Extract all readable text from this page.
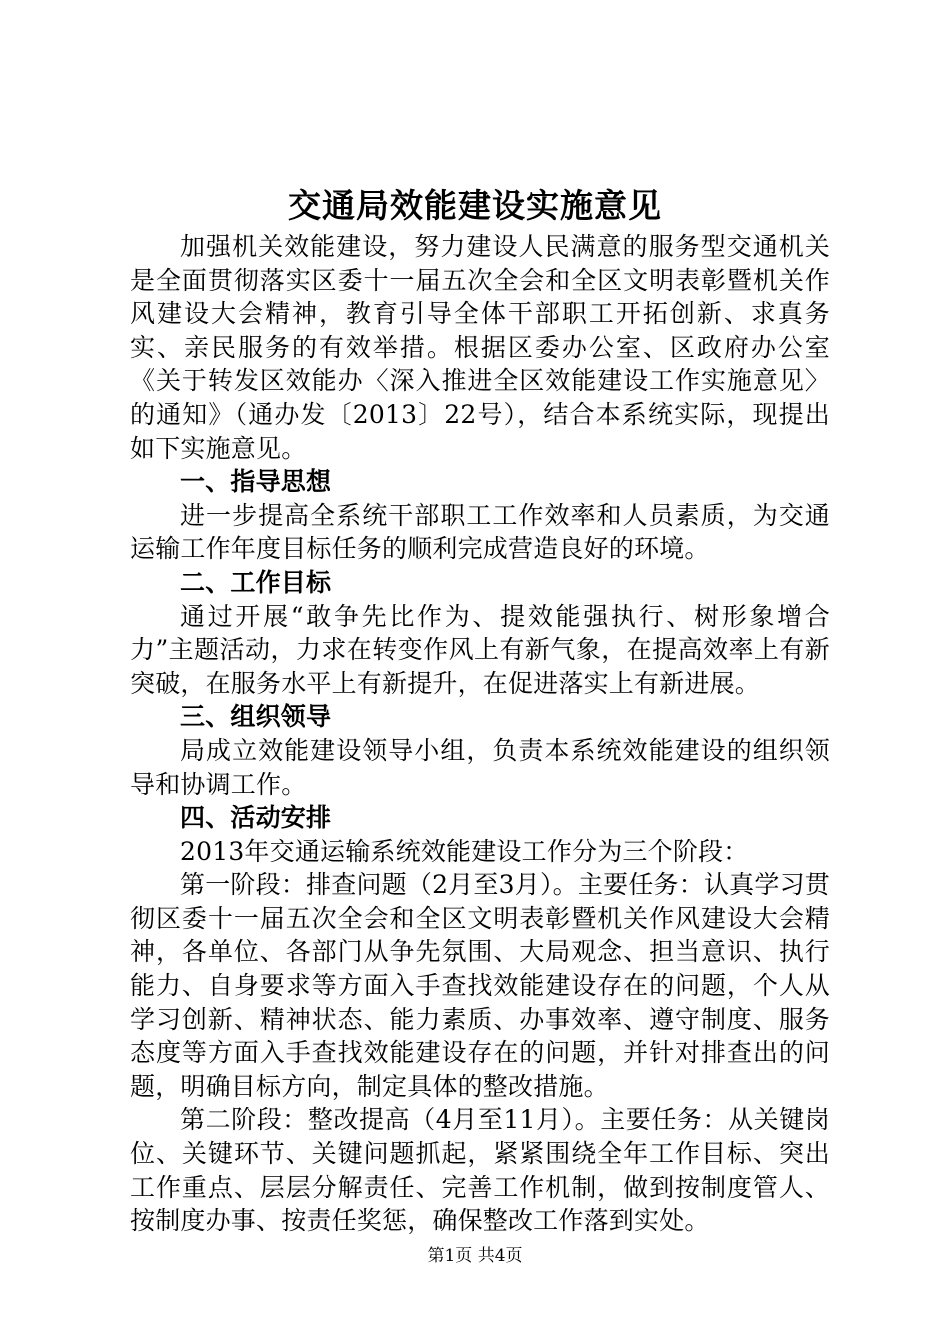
交通局效能建设实施意见

加强机关效能建设，努力建设人民满意的服务型交通机关是全面贯彻落实区委十一届五次全会和全区文明表彰暨机关作风建设大会精神，教育引导全体干部职工开拓创新、求真务实、亲民服务的有效举措。根据区委办公室、区政府办公室《关于转发区效能办〈深入推进全区效能建设工作实施意见〉的通知》（通办发〔2013〕22号），结合本系统实际，现提出如下实施意见。

一、指导思想

进一步提高全系统干部职工工作效率和人员素质，为交通运输工作年度目标任务的顺利完成营造良好的环境。

二、工作目标

通过开展“敢争先比作为、提效能强执行、树形象增合力”主题活动，力求在转变作风上有新气象，在提高效率上有新突破，在服务水平上有新提升，在促进落实上有新进展。

三、组织领导

局成立效能建设领导小组，负责本系统效能建设的组织领导和协调工作。

四、活动安排

2013年交通运输系统效能建设工作分为三个阶段：

第一阶段：排查问题（2月至3月）。主要任务：认真学习贯彻区委十一届五次全会和全区文明表彰暨机关作风建设大会精神，各单位、各部门从争先氛围、大局观念、担当意识、执行能力、自身要求等方面入手查找效能建设存在的问题，个人从学习创新、精神状态、能力素质、办事效率、遵守制度、服务态度等方面入手查找效能建设存在的问题，并针对排查出的问题，明确目标方向，制定具体的整改措施。

第二阶段：整改提高（4月至11月）。主要任务：从关键岗位、关键环节、关键问题抓起，紧紧围绕全年工作目标、突出工作重点、层层分解责任、完善工作机制，做到按制度管人、按制度办事、按责任奖惩，确保整改工作落到实处。

第1页 共4页
